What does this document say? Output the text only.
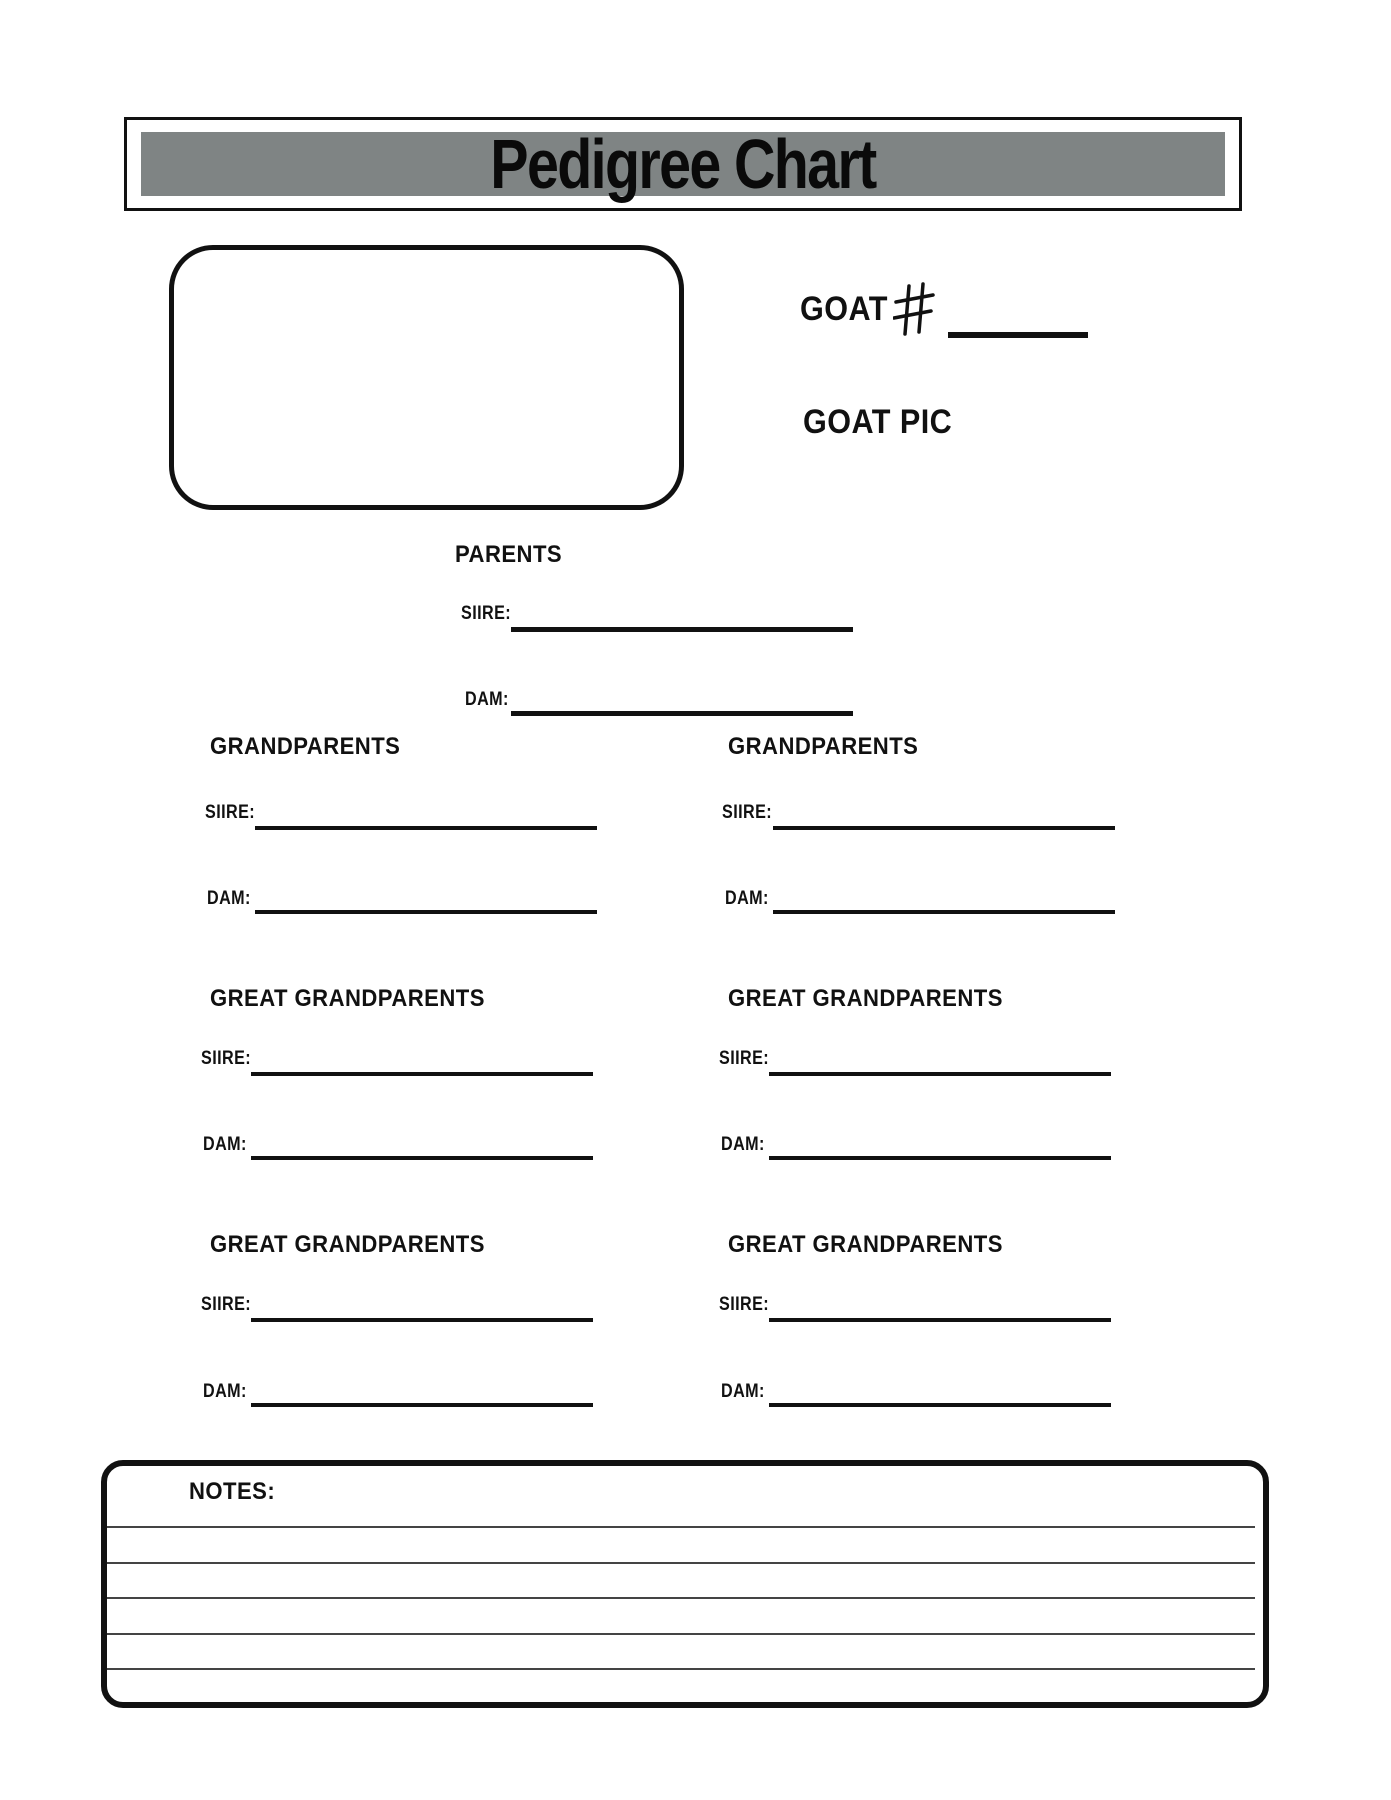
Pedigree Chart
GOAT
GOAT PIC
PARENTS
SIIRE:
DAM:
GRANDPARENTS
SIIRE:
DAM:
GREAT GRANDPARENTS
SIIRE:
DAM:
GREAT GRANDPARENTS
SIIRE:
DAM:
GRANDPARENTS
SIIRE:
DAM:
GREAT GRANDPARENTS
SIIRE:
DAM:
GREAT GRANDPARENTS
SIIRE:
DAM:
NOTES:
